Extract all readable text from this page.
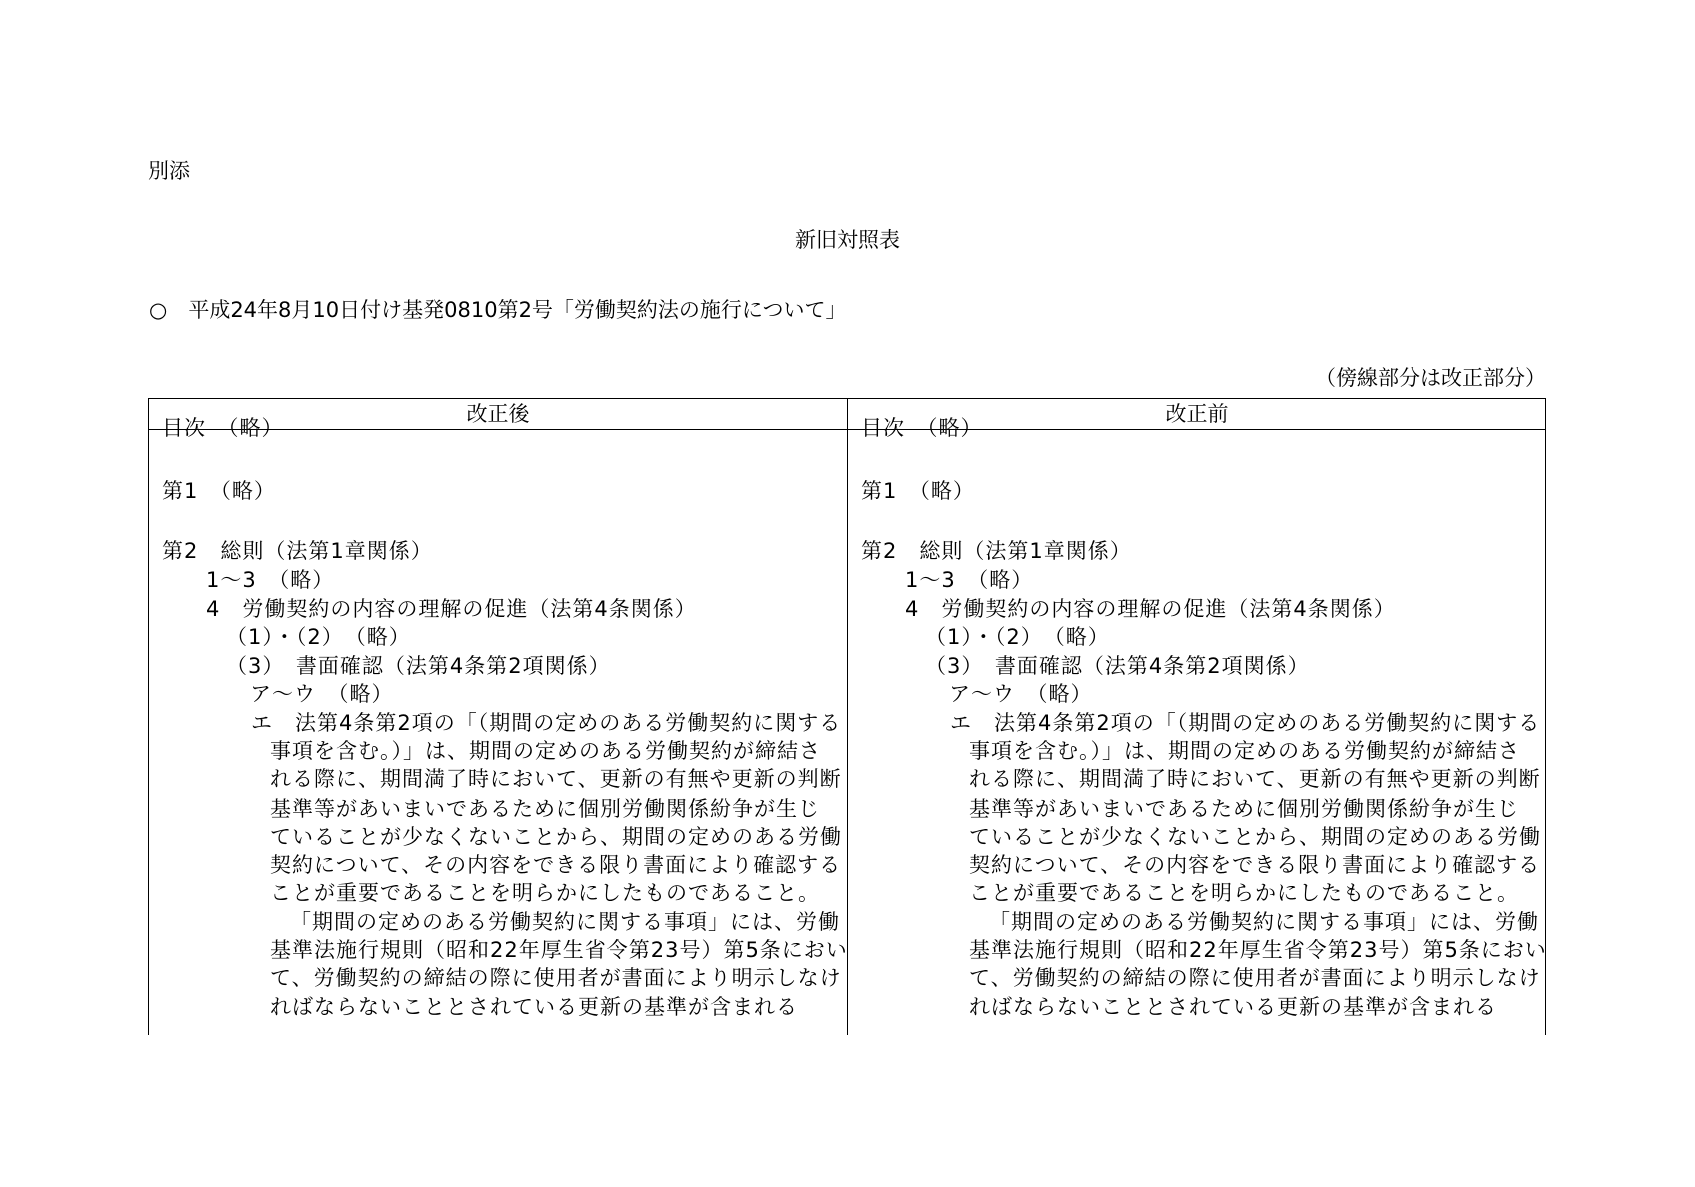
別添
新旧対照表
○　平成24年8月10日付け基発0810第2号「労働契約法の施行について」
（傍線部分は改正部分）
改正後	改正前
目次　（略）
第1　（略）
第2　総則（法第1章関係）
1〜3　（略）
4　労働契約の内容の理解の促進（法第4条関係）
（1）・（2）　（略）
（3）　書面確認（法第4条第2項関係）
ア〜ウ　（略）
エ　法第4条第2項の「（期間の定めのある労働契約に関する
事項を含む。）」は、期間の定めのある労働契約が締結さ
れる際に、期間満了時において、更新の有無や更新の判断
基準等があいまいであるために個別労働関係紛争が生じ
ていることが少なくないことから、期間の定めのある労働
契約について、その内容をできる限り書面により確認する
ことが重要であることを明らかにしたものであること。
「期間の定めのある労働契約に関する事項」には、労働
基準法施行規則（昭和22年厚生省令第23号）第5条におい
て、労働契約の締結の際に使用者が書面により明示しなけ
ればならないこととされている更新の基準が含まれる
目次　（略）
第1　（略）
第2　総則（法第1章関係）
1〜3　（略）
4　労働契約の内容の理解の促進（法第4条関係）
（1）・（2）　（略）
（3）　書面確認（法第4条第2項関係）
ア〜ウ　（略）
エ　法第4条第2項の「（期間の定めのある労働契約に関する
事項を含む。）」は、期間の定めのある労働契約が締結さ
れる際に、期間満了時において、更新の有無や更新の判断
基準等があいまいであるために個別労働関係紛争が生じ
ていることが少なくないことから、期間の定めのある労働
契約について、その内容をできる限り書面により確認する
ことが重要であることを明らかにしたものであること。
「期間の定めのある労働契約に関する事項」には、労働
基準法施行規則（昭和22年厚生省令第23号）第5条におい
て、労働契約の締結の際に使用者が書面により明示しなけ
ればならないこととされている更新の基準が含まれる
